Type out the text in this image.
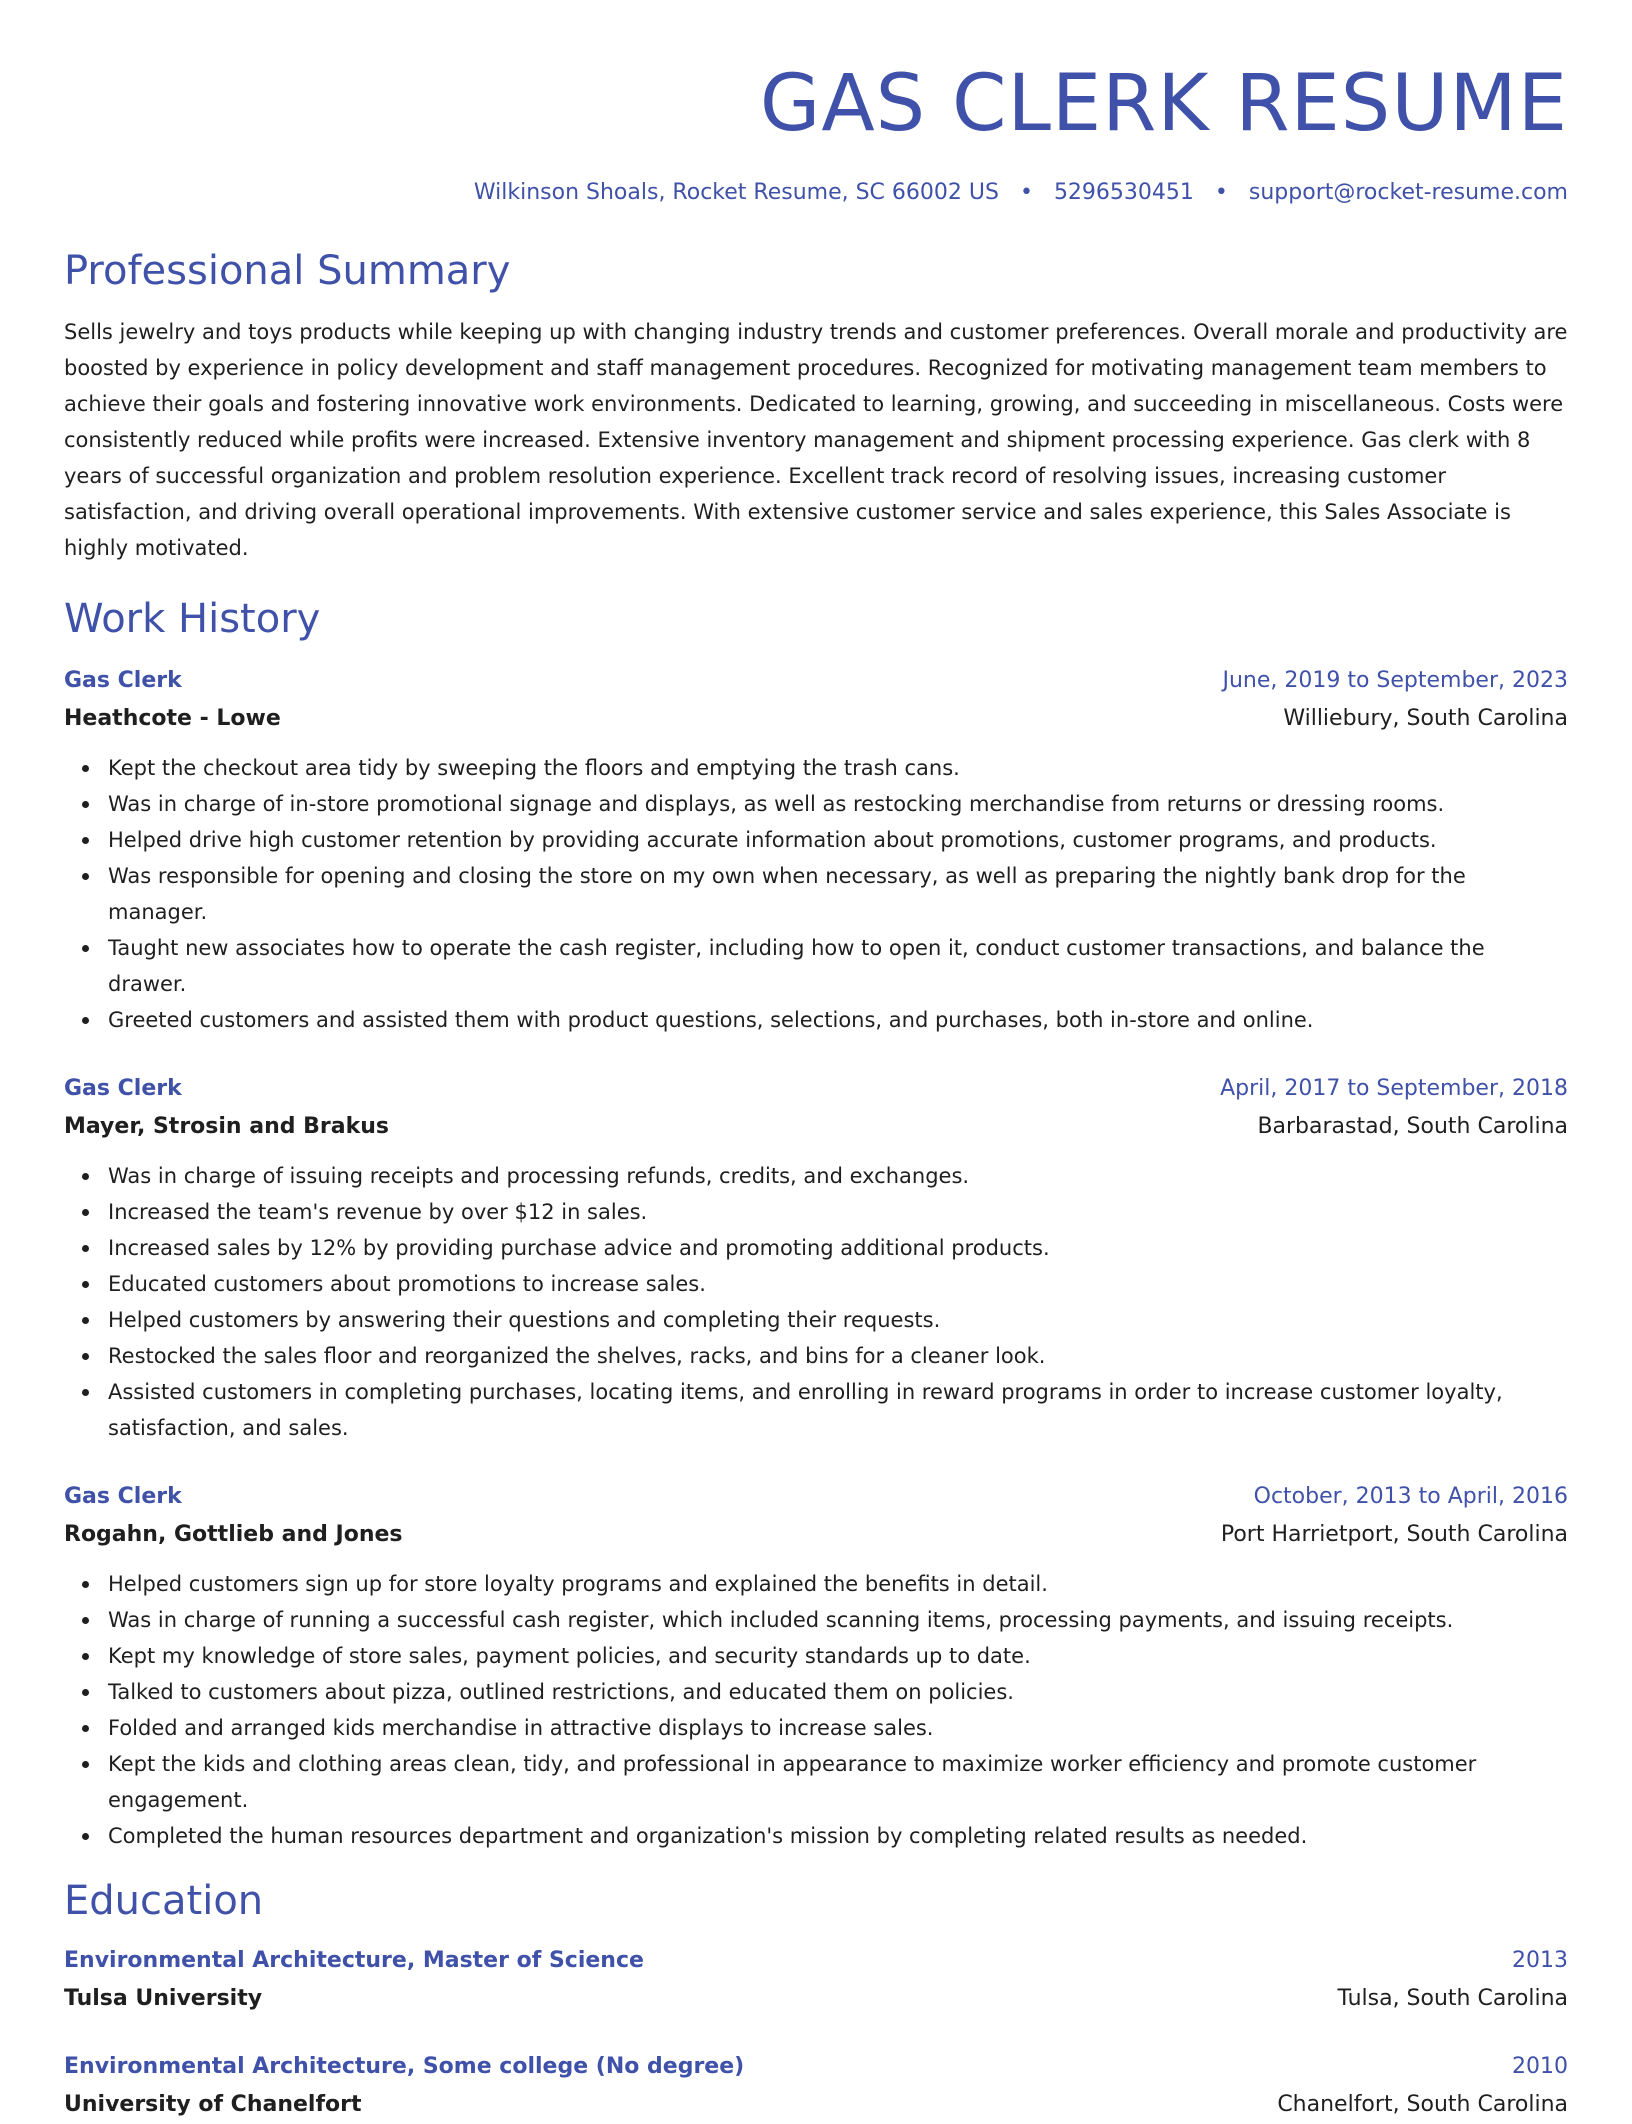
GAS CLERK RESUME
Wilkinson Shoals, Rocket Resume, SC 66002 US • 5296530451 • support@rocket-resume.com
Professional Summary

Sells jewelry and toys products while keeping up with changing industry trends and customer preferences. Overall morale and productivity are boosted by experience in policy development and staff management procedures. Recognized for motivating management team members to achieve their goals and fostering innovative work environments. Dedicated to learning, growing, and succeeding in miscellaneous. Costs were consistently reduced while profits were increased. Extensive inventory management and shipment processing experience. Gas clerk with 8 years of successful organization and problem resolution experience. Excellent track record of resolving issues, increasing customer satisfaction, and driving overall operational improvements. With extensive customer service and sales experience, this Sales Associate is highly motivated.

Work History
Gas Clerk	June, 2019 to September, 2023
Heathcote - Lowe	Williebury, South Carolina
Kept the checkout area tidy by sweeping the floors and emptying the trash cans.
Was in charge of in-store promotional signage and displays, as well as restocking merchandise from returns or dressing rooms.
Helped drive high customer retention by providing accurate information about promotions, customer programs, and products.
Was responsible for opening and closing the store on my own when necessary, as well as preparing the nightly bank drop for the manager.
Taught new associates how to operate the cash register, including how to open it, conduct customer transactions, and balance the drawer.
Greeted customers and assisted them with product questions, selections, and purchases, both in-store and online.
Gas Clerk	April, 2017 to September, 2018
Mayer, Strosin and Brakus	Barbarastad, South Carolina
Was in charge of issuing receipts and processing refunds, credits, and exchanges.
Increased the team's revenue by over $12 in sales.
Increased sales by 12% by providing purchase advice and promoting additional products.
Educated customers about promotions to increase sales.
Helped customers by answering their questions and completing their requests.
Restocked the sales floor and reorganized the shelves, racks, and bins for a cleaner look.
Assisted customers in completing purchases, locating items, and enrolling in reward programs in order to increase customer loyalty, satisfaction, and sales.
Gas Clerk	October, 2013 to April, 2016
Rogahn, Gottlieb and Jones	Port Harrietport, South Carolina
Helped customers sign up for store loyalty programs and explained the benefits in detail.
Was in charge of running a successful cash register, which included scanning items, processing payments, and issuing receipts.
Kept my knowledge of store sales, payment policies, and security standards up to date.
Talked to customers about pizza, outlined restrictions, and educated them on policies.
Folded and arranged kids merchandise in attractive displays to increase sales.
Kept the kids and clothing areas clean, tidy, and professional in appearance to maximize worker efficiency and promote customer engagement.
Completed the human resources department and organization's mission by completing related results as needed.
Education
Environmental Architecture, Master of Science	2013
Tulsa University	Tulsa, South Carolina
Environmental Architecture, Some college (No degree)	2010
University of Chanelfort	Chanelfort, South Carolina
